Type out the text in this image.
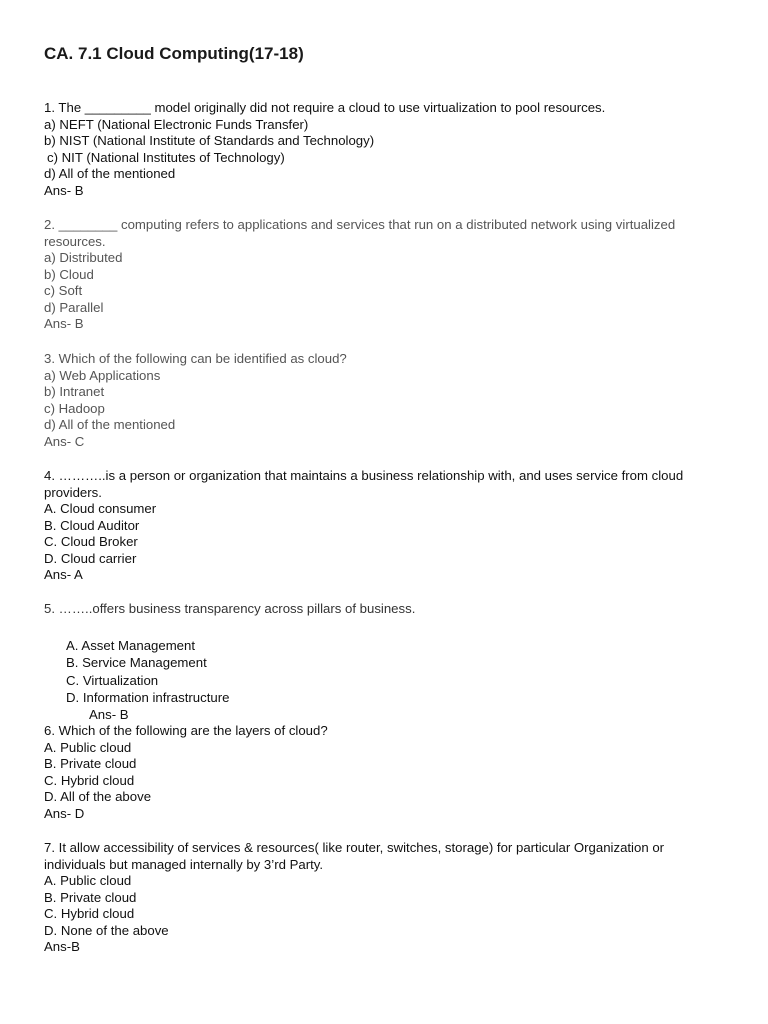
CA. 7.1 Cloud Computing(17-18)
1. The _________ model originally did not require a cloud to use virtualization to pool resources.
a) NEFT (National Electronic Funds Transfer)
b) NIST (National Institute of Standards and Technology)
c) NIT (National Institutes of Technology)
d) All of the mentioned
Ans- B
2. ________ computing refers to applications and services that run on a distributed network using virtualized
resources.
a) Distributed
b) Cloud
c) Soft
d) Parallel
Ans- B
3. Which of the following can be identified as cloud?
a) Web Applications
b) Intranet
c) Hadoop
d) All of the mentioned
Ans- C
4. ………..is a person or organization that maintains a business relationship with, and uses service from cloud
providers.
A. Cloud consumer
B. Cloud Auditor
C. Cloud Broker
D. Cloud carrier
Ans- A
5. ……..offers business transparency across pillars of business.
A. Asset Management
B. Service Management
C. Virtualization
D. Information infrastructure
Ans- B
6. Which of the following are the layers of cloud?
A. Public cloud
B. Private cloud
C. Hybrid cloud
D. All of the above
Ans- D
7. It allow accessibility of services & resources( like router, switches, storage) for particular Organization or
individuals but managed internally by 3’rd Party.
A. Public cloud
B. Private cloud
C. Hybrid cloud
D. None of the above
Ans-B
